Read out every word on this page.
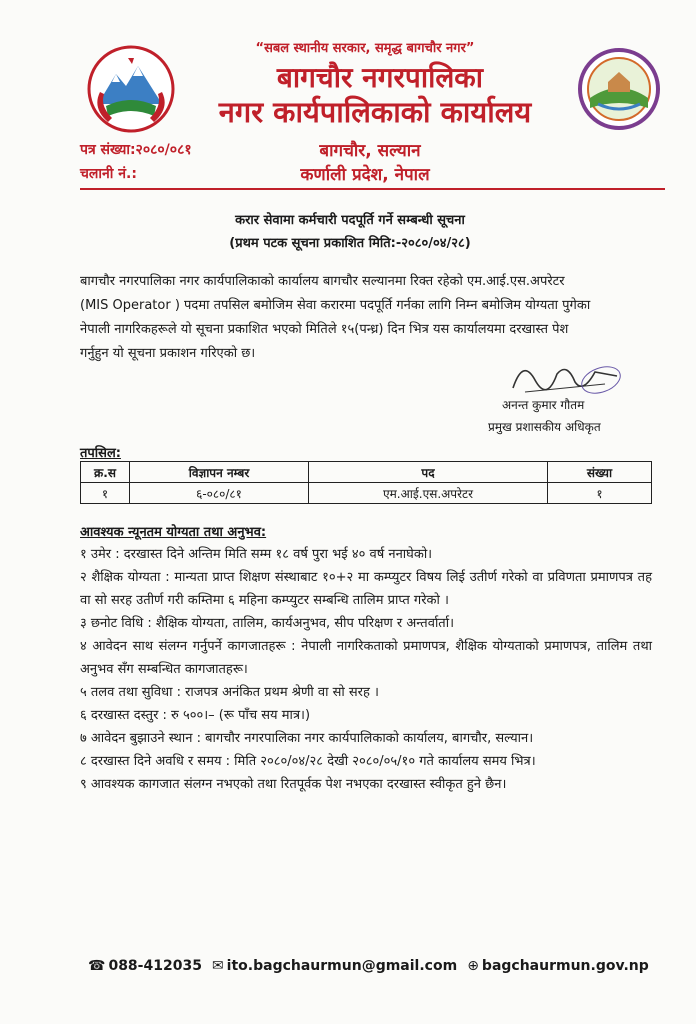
“सबल स्थानीय सरकार, समृद्ध बागचौर नगर”
बागचौर नगरपालिका
नगर कार्यपालिकाको कार्यालय
पत्र संख्या:२०८०/०८१
चलानी नं.:
बागचौर, सल्यान
कर्णाली प्रदेश, नेपाल
करार सेवामा कर्मचारी पदपूर्ति गर्ने सम्बन्धी सूचना
(प्रथम पटक सूचना प्रकाशित मिति:-२०८०/०४/२८)
बागचौर नगरपालिका नगर कार्यपालिकाको कार्यालय बागचौर सल्यानमा रिक्त रहेको एम.आई.एस.अपरेटर
(MIS Operator ) पदमा तपसिल बमोजिम सेवा करारमा पदपूर्ति गर्नका लागि निम्न बमोजिम योग्यता पुगेका
नेपाली नागरिकहरूले यो सूचना प्रकाशित भएको मितिले १५(पन्ध्र) दिन भित्र यस कार्यालयमा दरखास्त पेश
गर्नुहुन यो सूचना प्रकाशन गरिएको छ।
अनन्त कुमार गौतम
प्रमुख प्रशासकीय अधिकृत
तपसिल:
क्र.स	विज्ञापन नम्बर	पद	संख्या
१	६-०८०/८१	एम.आई.एस.अपरेटर	१
आवश्यक न्यूनतम योग्यता तथा अनुभव:
१ उमेर : दरखास्त दिने अन्तिम मिति सम्म १८ वर्ष पुरा भई ४० वर्ष ननाघेको।
२ शैक्षिक योग्यता : मान्यता प्राप्त शिक्षण संस्थाबाट १०+२ मा कम्प्युटर विषय लिई उतीर्ण गरेको वा प्रविणता प्रमाणपत्र तह वा सो सरह उतीर्ण गरी कम्तिमा ६ महिना कम्प्युटर सम्बन्धि तालिम प्राप्त गरेको ।
३ छनोट विधि : शैक्षिक योग्यता, तालिम, कार्यअनुभव, सीप परिक्षण र अन्तर्वार्ता।
४ आवेदन साथ संलग्न गर्नुपर्ने कागजातहरू : नेपाली नागरिकताको प्रमाणपत्र, शैक्षिक योग्यताको प्रमाणपत्र, तालिम तथा अनुभव सँग सम्बन्धित कागजातहरू।
५ तलव तथा सुविधा : राजपत्र अनंकित प्रथम श्रेणी वा सो सरह ।
६ दरखास्त दस्तुर : रु ५००।– (रू पाँच सय मात्र।)
७ आवेदन बुझाउने स्थान : बागचौर नगरपालिका नगर कार्यपालिकाको कार्यालय, बागचौर, सल्यान।
८ दरखास्त दिने अवधि र समय : मिति २०८०/०४/२८ देखी २०८०/०५/१० गते कार्यालय समय भित्र।
९ आवश्यक कागजात संलग्न नभएको तथा रितपूर्वक पेश नभएका दरखास्त स्वीकृत हुने छैन।
☎ 088-412035 ✉ ito.bagchaurmun@gmail.com ⊕ bagchaurmun.gov.np
